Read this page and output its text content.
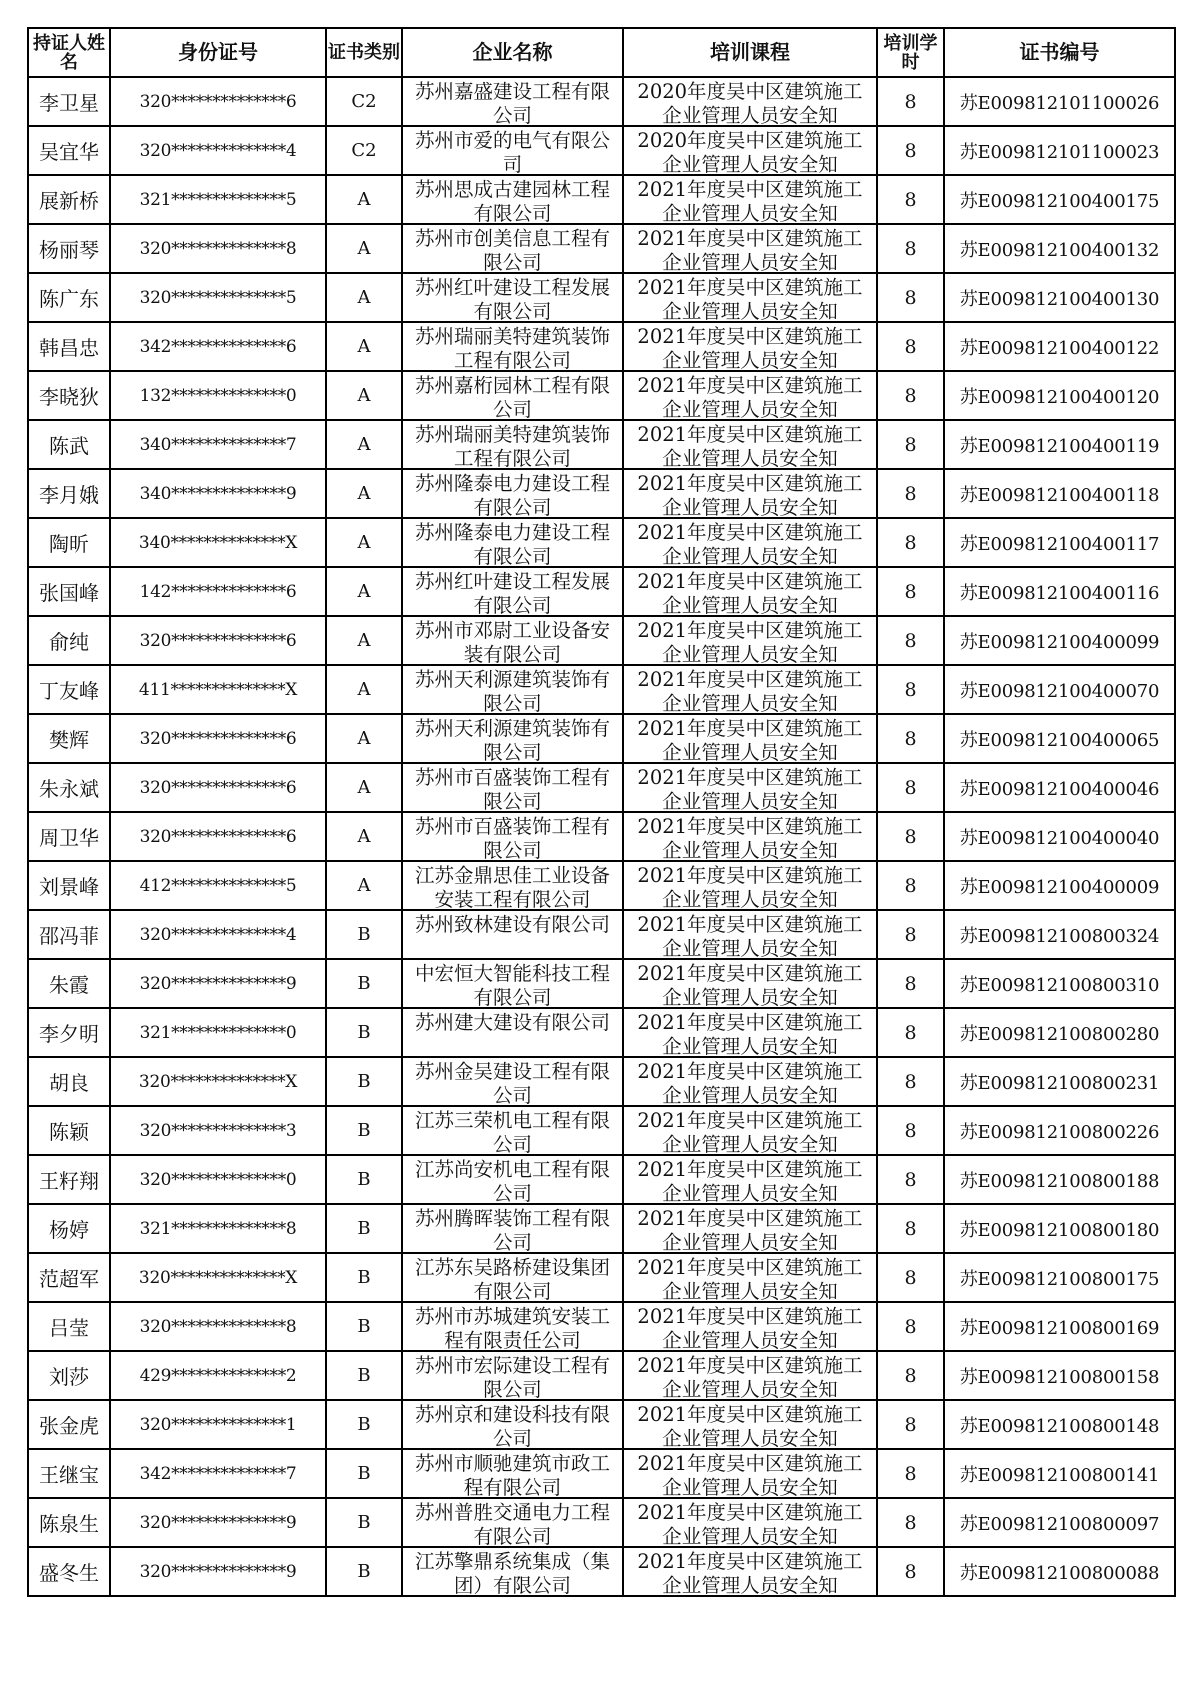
持证人姓名	身份证号	证书类别	企业名称	培训课程	培训学时	证书编号

李卫星	320**************6	C2	苏州嘉盛建设工程有限公司	2020年度吴中区建筑施工企业管理人员安全知	8	苏E009812101100026

吴宜华	320**************4	C2	苏州市爱的电气有限公司	2020年度吴中区建筑施工企业管理人员安全知	8	苏E009812101100023

展新桥	321**************5	A	苏州思成古建园林工程有限公司	2021年度吴中区建筑施工企业管理人员安全知	8	苏E009812100400175

杨丽琴	320**************8	A	苏州市创美信息工程有限公司	2021年度吴中区建筑施工企业管理人员安全知	8	苏E009812100400132

陈广东	320**************5	A	苏州红叶建设工程发展有限公司	2021年度吴中区建筑施工企业管理人员安全知	8	苏E009812100400130

韩昌忠	342**************6	A	苏州瑞丽美特建筑装饰工程有限公司	2021年度吴中区建筑施工企业管理人员安全知	8	苏E009812100400122

李晓狄	132**************0	A	苏州嘉桁园林工程有限公司	2021年度吴中区建筑施工企业管理人员安全知	8	苏E009812100400120

陈武	340**************7	A	苏州瑞丽美特建筑装饰工程有限公司	2021年度吴中区建筑施工企业管理人员安全知	8	苏E009812100400119

李月娥	340**************9	A	苏州隆泰电力建设工程有限公司	2021年度吴中区建筑施工企业管理人员安全知	8	苏E009812100400118

陶昕	340**************X	A	苏州隆泰电力建设工程有限公司	2021年度吴中区建筑施工企业管理人员安全知	8	苏E009812100400117

张国峰	142**************6	A	苏州红叶建设工程发展有限公司	2021年度吴中区建筑施工企业管理人员安全知	8	苏E009812100400116

俞纯	320**************6	A	苏州市邓尉工业设备安装有限公司	2021年度吴中区建筑施工企业管理人员安全知	8	苏E009812100400099

丁友峰	411**************X	A	苏州天利源建筑装饰有限公司	2021年度吴中区建筑施工企业管理人员安全知	8	苏E009812100400070

樊辉	320**************6	A	苏州天利源建筑装饰有限公司	2021年度吴中区建筑施工企业管理人员安全知	8	苏E009812100400065

朱永斌	320**************6	A	苏州市百盛装饰工程有限公司	2021年度吴中区建筑施工企业管理人员安全知	8	苏E009812100400046

周卫华	320**************6	A	苏州市百盛装饰工程有限公司	2021年度吴中区建筑施工企业管理人员安全知	8	苏E009812100400040

刘景峰	412**************5	A	江苏金鼎思佳工业设备安装工程有限公司	2021年度吴中区建筑施工企业管理人员安全知	8	苏E009812100400009

邵冯菲	320**************4	B	苏州致林建设有限公司	2021年度吴中区建筑施工企业管理人员安全知	8	苏E009812100800324

朱霞	320**************9	B	中宏恒大智能科技工程有限公司	2021年度吴中区建筑施工企业管理人员安全知	8	苏E009812100800310

李夕明	321**************0	B	苏州建大建设有限公司	2021年度吴中区建筑施工企业管理人员安全知	8	苏E009812100800280

胡良	320**************X	B	苏州金吴建设工程有限公司	2021年度吴中区建筑施工企业管理人员安全知	8	苏E009812100800231

陈颖	320**************3	B	江苏三荣机电工程有限公司	2021年度吴中区建筑施工企业管理人员安全知	8	苏E009812100800226

王籽翔	320**************0	B	江苏尚安机电工程有限公司	2021年度吴中区建筑施工企业管理人员安全知	8	苏E009812100800188

杨婷	321**************8	B	苏州腾晖装饰工程有限公司	2021年度吴中区建筑施工企业管理人员安全知	8	苏E009812100800180

范超军	320**************X	B	江苏东吴路桥建设集团有限公司	2021年度吴中区建筑施工企业管理人员安全知	8	苏E009812100800175

吕莹	320**************8	B	苏州市苏城建筑安装工程有限责任公司	2021年度吴中区建筑施工企业管理人员安全知	8	苏E009812100800169

刘莎	429**************2	B	苏州市宏际建设工程有限公司	2021年度吴中区建筑施工企业管理人员安全知	8	苏E009812100800158

张金虎	320**************1	B	苏州京和建设科技有限公司	2021年度吴中区建筑施工企业管理人员安全知	8	苏E009812100800148

王继宝	342**************7	B	苏州市顺驰建筑市政工程有限公司	2021年度吴中区建筑施工企业管理人员安全知	8	苏E009812100800141

陈泉生	320**************9	B	苏州普胜交通电力工程有限公司	2021年度吴中区建筑施工企业管理人员安全知	8	苏E009812100800097

盛冬生	320**************9	B	江苏擎鼎系统集成（集团）有限公司	2021年度吴中区建筑施工企业管理人员安全知	8	苏E009812100800088
